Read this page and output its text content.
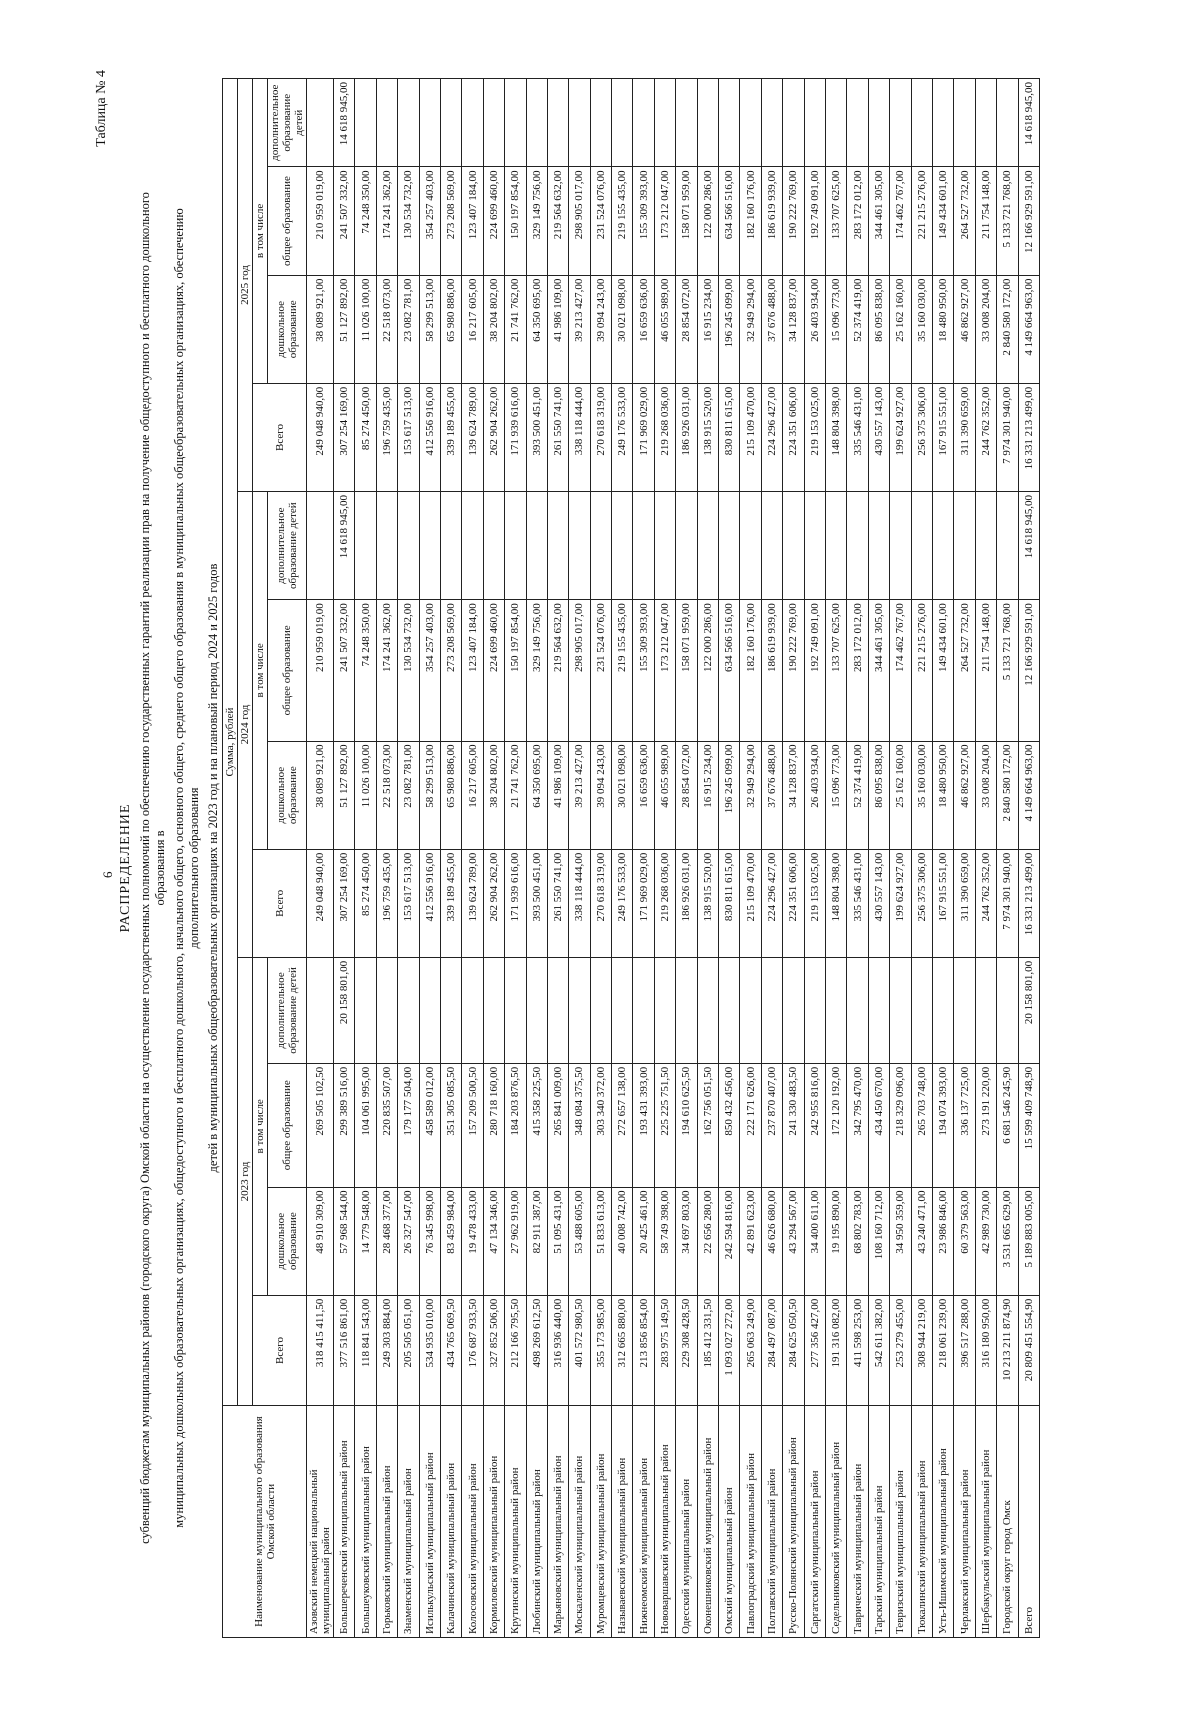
6
Таблица № 4
РАСПРЕДЕЛЕНИЕ субвенций бюджетам муниципальных районов (городского округа) Омской области на осуществление государственных полномочий по обеспечению государственных гарантий реализации прав на получение общедоступного и бесплатного дошкольного образования в муниципальных дошкольных образовательных организациях, общедоступного и бесплатного дошкольного, начального общего, основного общего, среднего общего образования в муниципальных общеобразовательных организациях, обеспечению дополнительного образования детей в муниципальных общеобразовательных организациях на 2023 год и на плановый период 2024 и 2025 годов
Наименование муниципального образования Омской области	Сумма, рублей											
	2023 год				2024 год				2025 год			
	Всего	в том числе			Всего	в том числе			Всего	в том числе		
		дошкольное образование	общее образование	дополнительное образование детей		дошкольное образование	общее образование	дополнительное образование детей		дошкольное образование	общее образование	дополнительное образование детей
Азовский немецкий национальный муниципальный район	318 415 411,50	48 910 309,00	269 505 102,50		249 048 940,00	38 089 921,00	210 959 019,00		249 048 940,00	38 089 921,00	210 959 019,00	
Большереченский муниципальный район	377 516 861,00	57 968 544,00	299 389 516,00	20 158 801,00	307 254 169,00	51 127 892,00	241 507 332,00	14 618 945,00	307 254 169,00	51 127 892,00	241 507 332,00	14 618 945,00
Большеуковский муниципальный район	118 841 543,00	14 779 548,00	104 061 995,00		85 274 450,00	11 026 100,00	74 248 350,00		85 274 450,00	11 026 100,00	74 248 350,00	
Горьковский муниципальный район	249 303 884,00	28 468 377,00	220 835 507,00		196 759 435,00	22 518 073,00	174 241 362,00		196 759 435,00	22 518 073,00	174 241 362,00	
Знаменский муниципальный район	205 505 051,00	26 327 547,00	179 177 504,00		153 617 513,00	23 082 781,00	130 534 732,00		153 617 513,00	23 082 781,00	130 534 732,00	
Исилькульский муниципальный район	534 935 010,00	76 345 998,00	458 589 012,00		412 556 916,00	58 299 513,00	354 257 403,00		412 556 916,00	58 299 513,00	354 257 403,00	
Калачинский муниципальный район	434 765 069,50	83 459 984,00	351 305 085,50		339 189 455,00	65 980 886,00	273 208 569,00		339 189 455,00	65 980 886,00	273 208 569,00	
Колосовский муниципальный район	176 687 933,50	19 478 433,00	157 209 500,50		139 624 789,00	16 217 605,00	123 407 184,00		139 624 789,00	16 217 605,00	123 407 184,00	
Кормиловский муниципальный район	327 852 506,00	47 134 346,00	280 718 160,00		262 904 262,00	38 204 802,00	224 699 460,00		262 904 262,00	38 204 802,00	224 699 460,00	
Крутинский муниципальный район	212 166 795,50	27 962 919,00	184 203 876,50		171 939 616,00	21 741 762,00	150 197 854,00		171 939 616,00	21 741 762,00	150 197 854,00	
Любинский муниципальный район	498 269 612,50	82 911 387,00	415 358 225,50		393 500 451,00	64 350 695,00	329 149 756,00		393 500 451,00	64 350 695,00	329 149 756,00	
Марьяновский муниципальный район	316 936 440,00	51 095 431,00	265 841 009,00		261 550 741,00	41 986 109,00	219 564 632,00		261 550 741,00	41 986 109,00	219 564 632,00	
Москаленский муниципальный район	401 572 980,50	53 488 605,00	348 084 375,50		338 118 444,00	39 213 427,00	298 905 017,00		338 118 444,00	39 213 427,00	298 905 017,00	
Муромцевский муниципальный район	355 173 985,00	51 833 613,00	303 340 372,00		270 618 319,00	39 094 243,00	231 524 076,00		270 618 319,00	39 094 243,00	231 524 076,00	
Называевский муниципальный район	312 665 880,00	40 008 742,00	272 657 138,00		249 176 533,00	30 021 098,00	219 155 435,00		249 176 533,00	30 021 098,00	219 155 435,00	
Нижнеомский муниципальный район	213 856 854,00	20 425 461,00	193 431 393,00		171 969 029,00	16 659 636,00	155 309 393,00		171 969 029,00	16 659 636,00	155 309 393,00	
Нововаршавский муниципальный район	283 975 149,50	58 749 398,00	225 225 751,50		219 268 036,00	46 055 989,00	173 212 047,00		219 268 036,00	46 055 989,00	173 212 047,00	
Одесский муниципальный район	229 308 428,50	34 697 803,00	194 610 625,50		186 926 031,00	28 854 072,00	158 071 959,00		186 926 031,00	28 854 072,00	158 071 959,00	
Оконешниковский муниципальный район	185 412 331,50	22 656 280,00	162 756 051,50		138 915 520,00	16 915 234,00	122 000 286,00		138 915 520,00	16 915 234,00	122 000 286,00	
Омский муниципальный район	1 093 027 272,00	242 594 816,00	850 432 456,00		830 811 615,00	196 245 099,00	634 566 516,00		830 811 615,00	196 245 099,00	634 566 516,00	
Павлоградский муниципальный район	265 063 249,00	42 891 623,00	222 171 626,00		215 109 470,00	32 949 294,00	182 160 176,00		215 109 470,00	32 949 294,00	182 160 176,00	
Полтавский муниципальный район	284 497 087,00	46 626 680,00	237 870 407,00		224 296 427,00	37 676 488,00	186 619 939,00		224 296 427,00	37 676 488,00	186 619 939,00	
Русско-Полянский муниципальный район	284 625 050,50	43 294 567,00	241 330 483,50		224 351 606,00	34 128 837,00	190 222 769,00		224 351 606,00	34 128 837,00	190 222 769,00	
Саргатский муниципальный район	277 356 427,00	34 400 611,00	242 955 816,00		219 153 025,00	26 403 934,00	192 749 091,00		219 153 025,00	26 403 934,00	192 749 091,00	
Седельниковский муниципальный район	191 316 082,00	19 195 890,00	172 120 192,00		148 804 398,00	15 096 773,00	133 707 625,00		148 804 398,00	15 096 773,00	133 707 625,00	
Таврический муниципальный район	411 598 253,00	68 802 783,00	342 795 470,00		335 546 431,00	52 374 419,00	283 172 012,00		335 546 431,00	52 374 419,00	283 172 012,00	
Тарский муниципальный район	542 611 382,00	108 160 712,00	434 450 670,00		430 557 143,00	86 095 838,00	344 461 305,00		430 557 143,00	86 095 838,00	344 461 305,00	
Тевризский муниципальный район	253 279 455,00	34 950 359,00	218 329 096,00		199 624 927,00	25 162 160,00	174 462 767,00		199 624 927,00	25 162 160,00	174 462 767,00	
Тюкалинский муниципальный район	308 944 219,00	43 240 471,00	265 703 748,00		256 375 306,00	35 160 030,00	221 215 276,00		256 375 306,00	35 160 030,00	221 215 276,00	
Усть-Ишимский муниципальный район	218 061 239,00	23 986 846,00	194 074 393,00		167 915 551,00	18 480 950,00	149 434 601,00		167 915 551,00	18 480 950,00	149 434 601,00	
Черлакский муниципальный район	396 517 288,00	60 379 563,00	336 137 725,00		311 390 659,00	46 862 927,00	264 527 732,00		311 390 659,00	46 862 927,00	264 527 732,00	
Шербакульский муниципальный район	316 180 950,00	42 989 730,00	273 191 220,00		244 762 352,00	33 008 204,00	211 754 148,00		244 762 352,00	33 008 204,00	211 754 148,00	
Городской округ город Омск	10 213 211 874,90	3 531 665 629,00	6 681 546 245,90		7 974 301 940,00	2 840 580 172,00	5 133 721 768,00		7 974 301 940,00	2 840 580 172,00	5 133 721 768,00	
Всего	20 809 451 554,90	5 189 883 005,00	15 599 409 748,90	20 158 801,00	16 331 213 499,00	4 149 664 963,00	12 166 929 591,00	14 618 945,00	16 331 213 499,00	4 149 664 963,00	12 166 929 591,00	14 618 945,00
